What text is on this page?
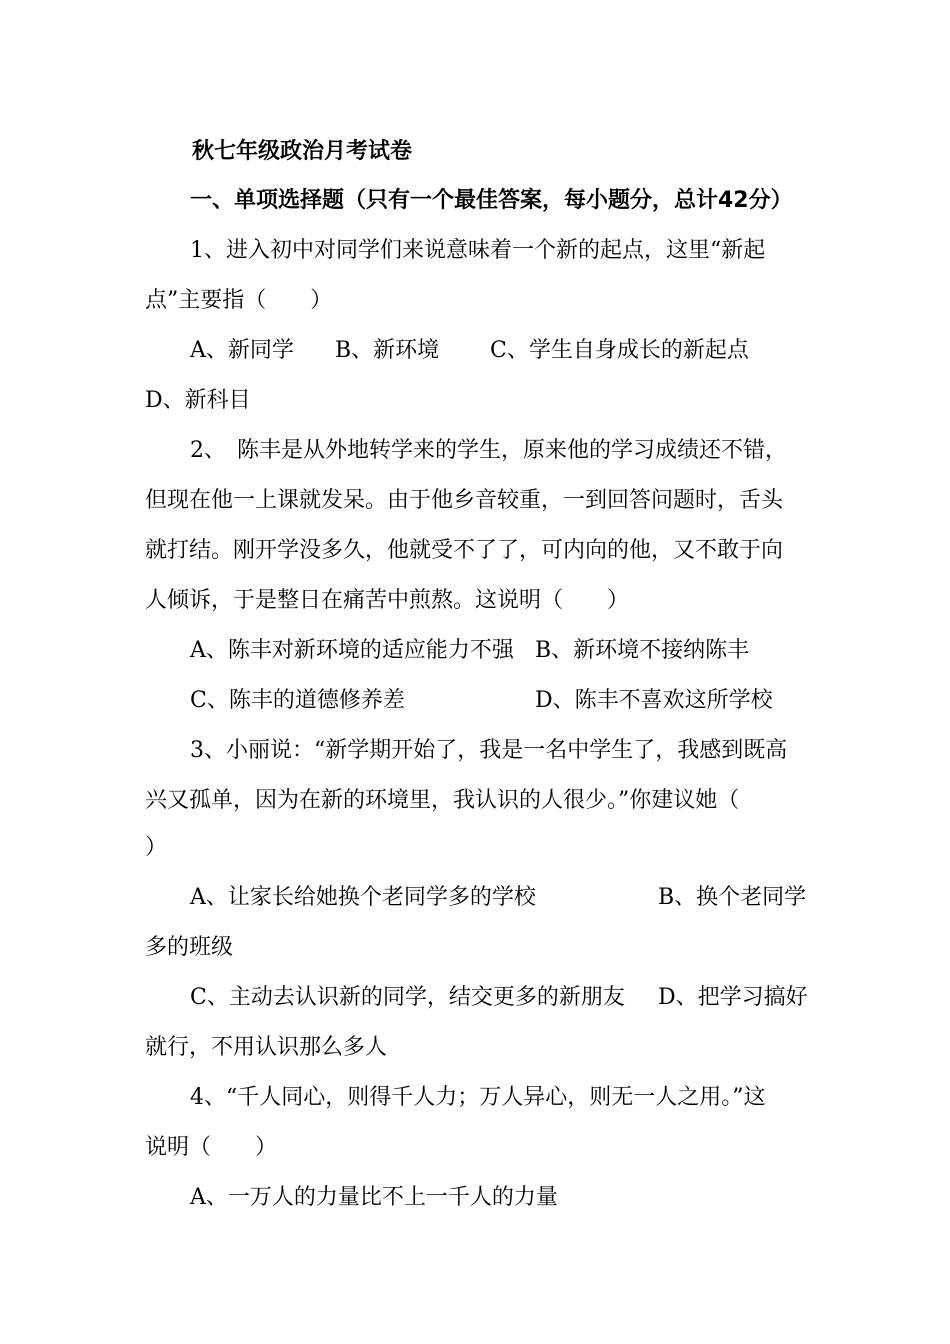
秋七年级政治月考试卷
一、单项选择题（只有一个最佳答案，每小题分，总计42分）
1、进入初中对同学们来说意味着一个新的起点，这里“新起
点”主要指（　　）
A、新同学 B、新环境 C、学生自身成长的新起点
D、新科目
2、　陈丰是从外地转学来的学生，原来他的学习成绩还不错，
但现在他一上课就发呆。由于他乡音较重，一到回答问题时，舌头
就打结。刚开学没多久，他就受不了了，可内向的他，又不敢于向
人倾诉，于是整日在痛苦中煎熬。这说明（　　）
A、陈丰对新环境的适应能力不强 B、新环境不接纳陈丰
C、陈丰的道德修养差	D、陈丰不喜欢这所学校
3、小丽说：“新学期开始了，我是一名中学生了，我感到既高
兴又孤单，因为在新的环境里，我认识的人很少。”你建议她（
）
A、让家长给她换个老同学多的学校	B、换个老同学
多的班级
C、主动去认识新的同学，结交更多的新朋友 D、把学习搞好
就行，不用认识那么多人
4、“千人同心，则得千人力；万人异心，则无一人之用。”这
说明（　　）
A、一万人的力量比不上一千人的力量
